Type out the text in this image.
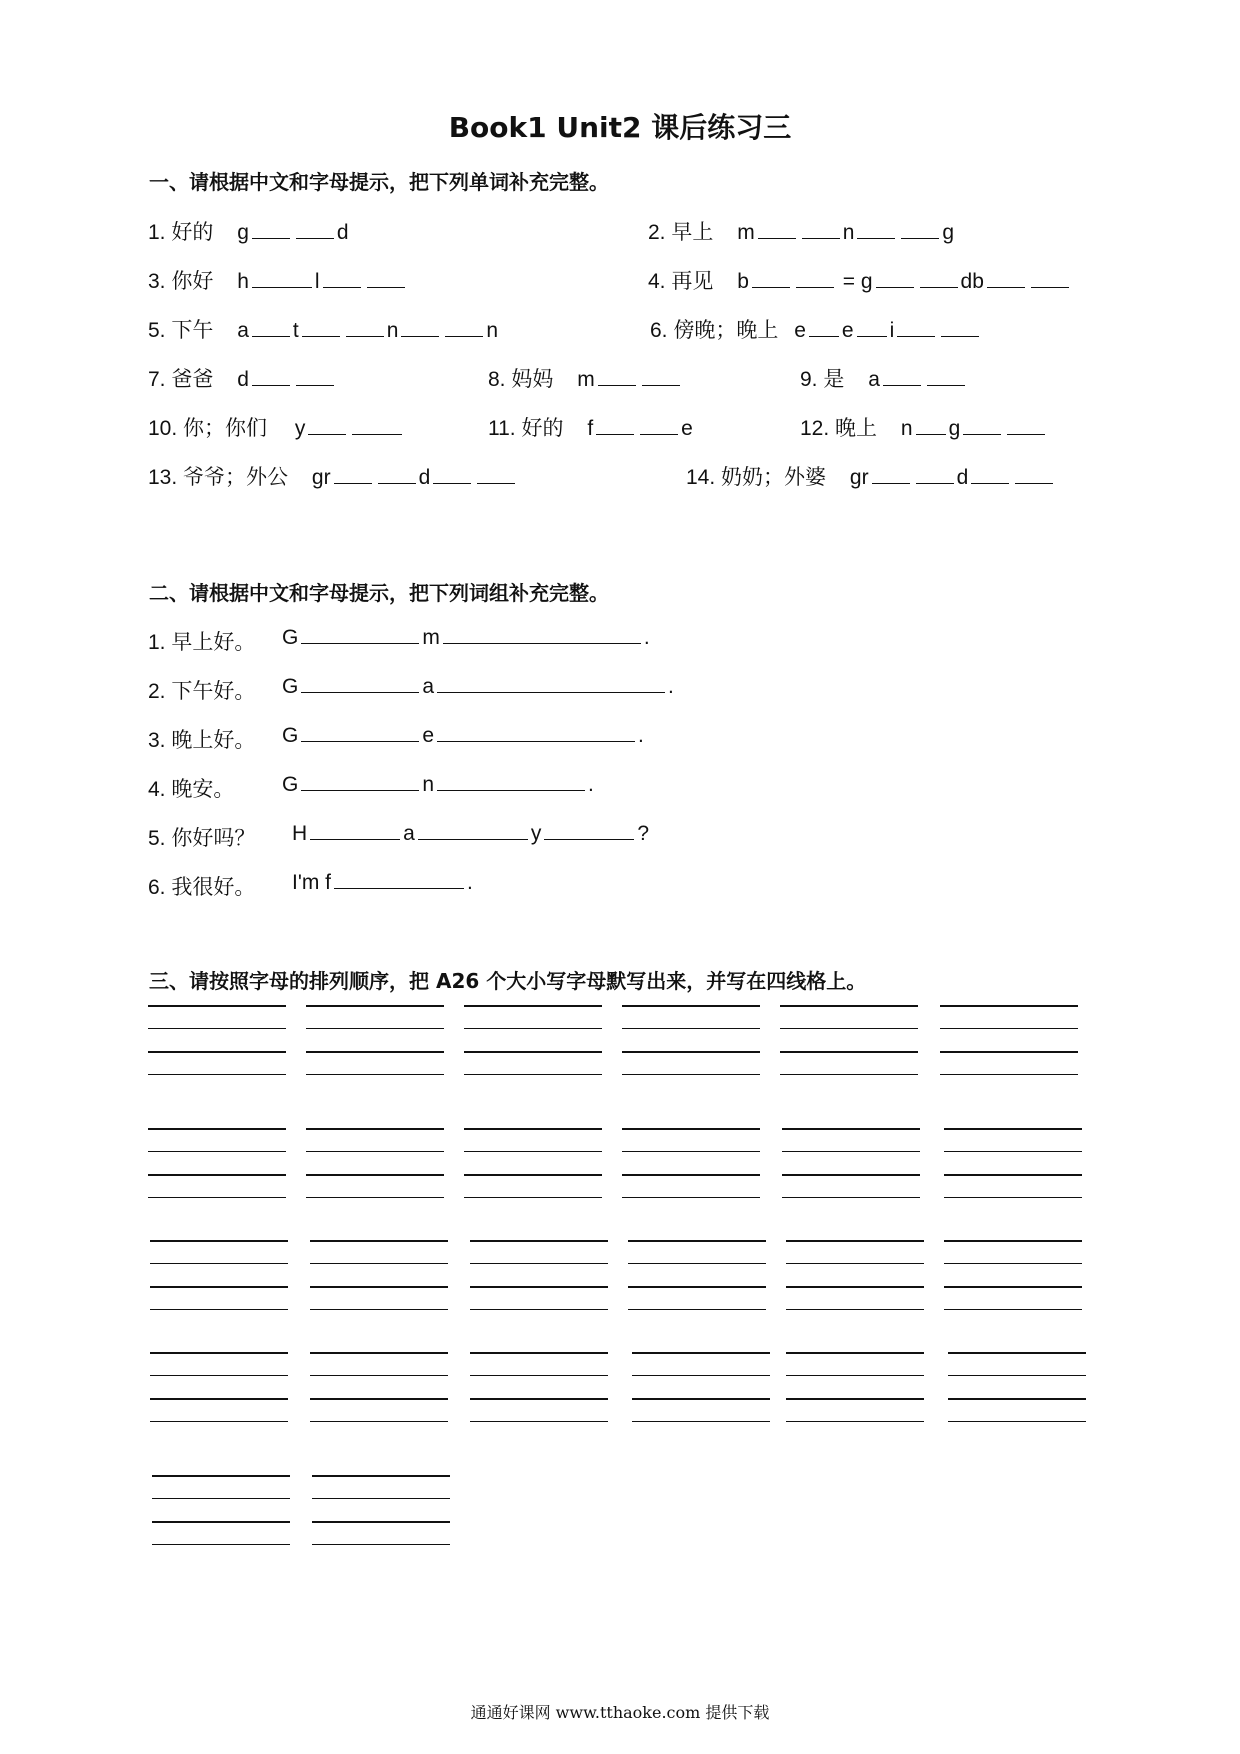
Book1 Unit2 课后练习三
一、请根据中文和字母提示，把下列单词补充完整。
1. 好的 g	d	2. 早上 m	n	g
3. 你好 h	l	4. 再见 b	= g	db
5. 下午 a t	n	n	6. 傍晚；晚上 e e i
7. 爸爸 d	8. 妈妈 m	9. 是 a
10. 你；你们 y	11. 好的 f	e	12. 晚上 n g
13. 爷爷；外公 gr	d	14. 奶奶；外婆 gr	d
二、请根据中文和字母提示，把下列词组补充完整。
1. 早上好。 G	m	.
2. 下午好。 G	a	.
3. 晚上好。 G	e	.
4. 晚安。 G	n	.
5. 你好吗？ H	a	y	?
6. 我很好。 I'm f	.
三、请按照字母的排列顺序，把 A26 个大小写字母默写出来，并写在四线格上。
通通好课网 www.tthaoke.com 提供下载
